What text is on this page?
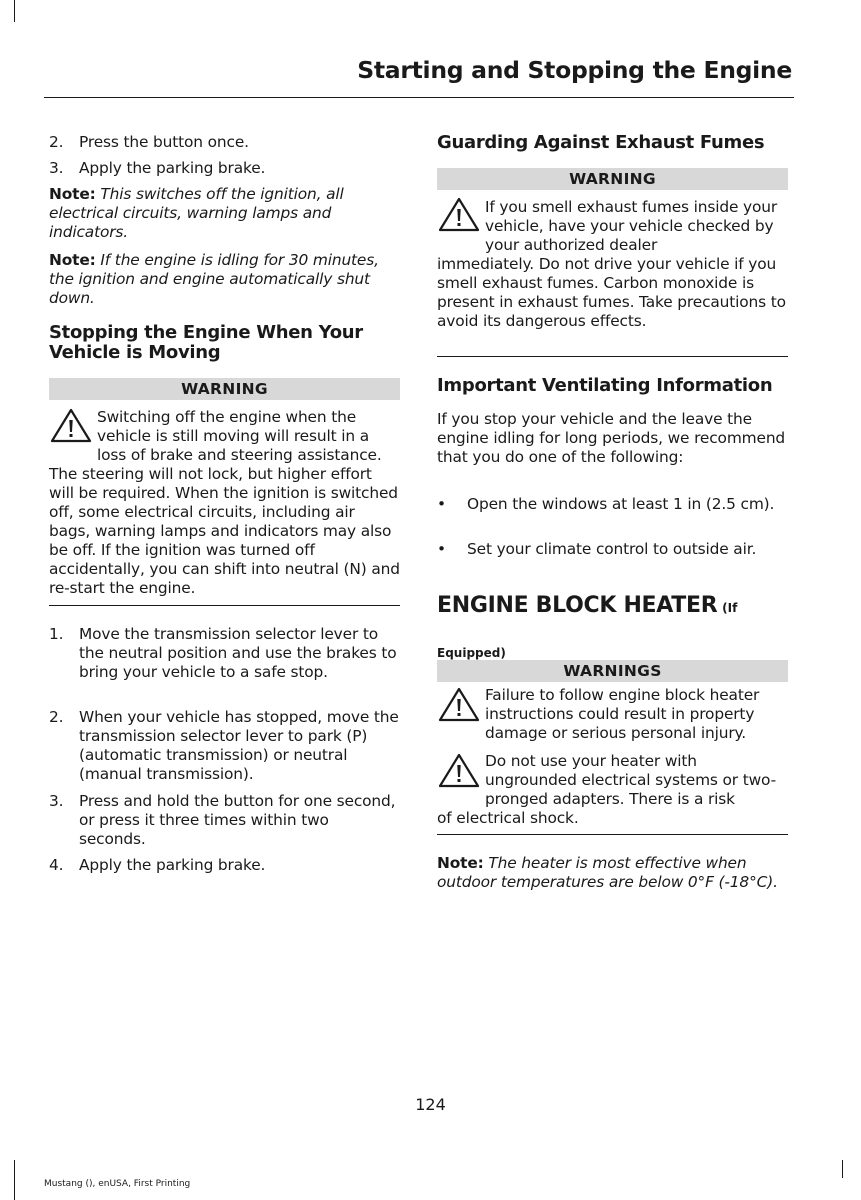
Starting and Stopping the Engine
2. Press the button once.
3. Apply the parking brake.
Note: This switches off the ignition, all electrical circuits, warning lamps and indicators.
Note: If the engine is idling for 30 minutes, the ignition and engine automatically shut down.
Stopping the Engine When Your Vehicle is Moving
WARNING
Switching off the engine when the vehicle is still moving will result in a loss of brake and steering assistance.
The steering will not lock, but higher effort will be required. When the ignition is switched off, some electrical circuits, including air bags, warning lamps and indicators may also be off. If the ignition was turned off accidentally, you can shift into neutral (N) and re-start the engine.
1. Move the transmission selector lever to the neutral position and use the brakes to bring your vehicle to a safe stop.
2. When your vehicle has stopped, move the transmission selector lever to park (P) (automatic transmission) or neutral (manual transmission).
3. Press and hold the button for one second, or press it three times within two seconds.
4. Apply the parking brake.
Guarding Against Exhaust Fumes
WARNING
If you smell exhaust fumes inside your vehicle, have your vehicle checked by your authorized dealer
immediately. Do not drive your vehicle if you smell exhaust fumes. Carbon monoxide is present in exhaust fumes. Take precautions to avoid its dangerous effects.
Important Ventilating Information
If you stop your vehicle and the leave the engine idling for long periods, we recommend that you do one of the following:
• Open the windows at least 1 in (2.5 cm).
• Set your climate control to outside air.
ENGINE BLOCK HEATER (If Equipped)
WARNINGS
Failure to follow engine block heater instructions could result in property damage or serious personal injury.
Do not use your heater with ungrounded electrical systems or two-pronged adapters. There is a risk
of electrical shock.
Note: The heater is most effective when outdoor temperatures are below 0°F (-18°C).
124
Mustang (), enUSA, First Printing
